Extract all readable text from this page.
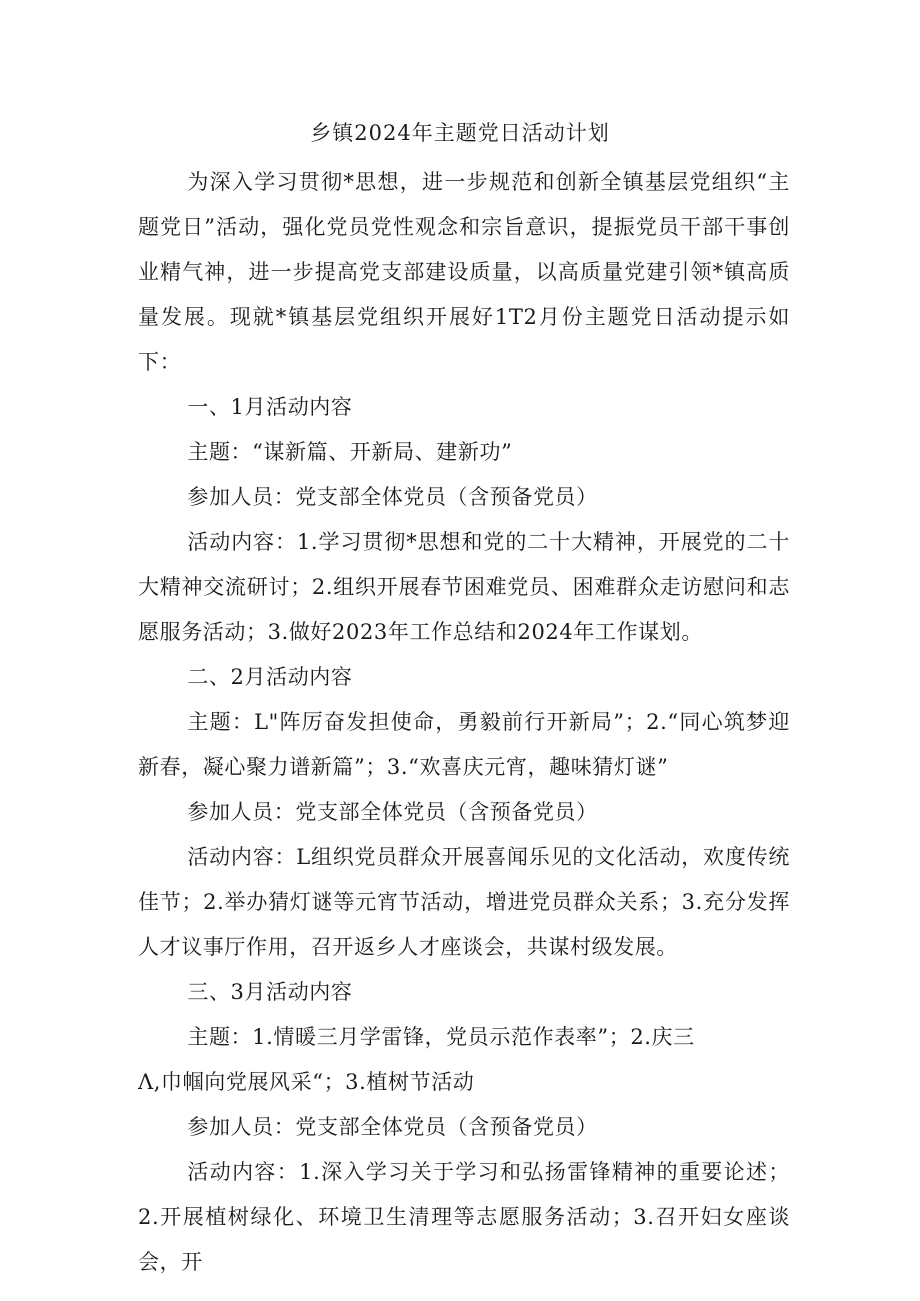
乡镇2024年主题党日活动计划

为深入学习贯彻*思想，进一步规范和创新全镇基层党组织“主题党日”活动，强化党员党性观念和宗旨意识，提振党员干部干事创业精气神，进一步提高党支部建设质量，以高质量党建引领*镇高质量发展。现就*镇基层党组织开展好1T2月份主题党日活动提示如下：

一、1月活动内容

主题：“谋新篇、开新局、建新功”

参加人员：党支部全体党员（含预备党员）

活动内容：1.学习贯彻*思想和党的二十大精神，开展党的二十大精神交流研讨；2.组织开展春节困难党员、困难群众走访慰问和志愿服务活动；3.做好2023年工作总结和2024年工作谋划。

二、2月活动内容

主题：L"阵厉奋发担使命，勇毅前行开新局”；2.“同心筑梦迎新春，凝心聚力谱新篇”；3.“欢喜庆元宵，趣味猜灯谜”

参加人员：党支部全体党员（含预备党员）

活动内容：L组织党员群众开展喜闻乐见的文化活动，欢度传统佳节；2.举办猜灯谜等元宵节活动，增进党员群众关系；3.充分发挥人才议事厅作用，召开返乡人才座谈会，共谋村级发展。

三、3月活动内容

主题：1.情暖三月学雷锋，党员示范作表率”；2.庆三

Λ,巾帼向党展风采“；3.植树节活动

参加人员：党支部全体党员（含预备党员）

活动内容：1.深入学习关于学习和弘扬雷锋精神的重要论述；2.开展植树绿化、环境卫生清理等志愿服务活动；3.召开妇女座谈会，开
